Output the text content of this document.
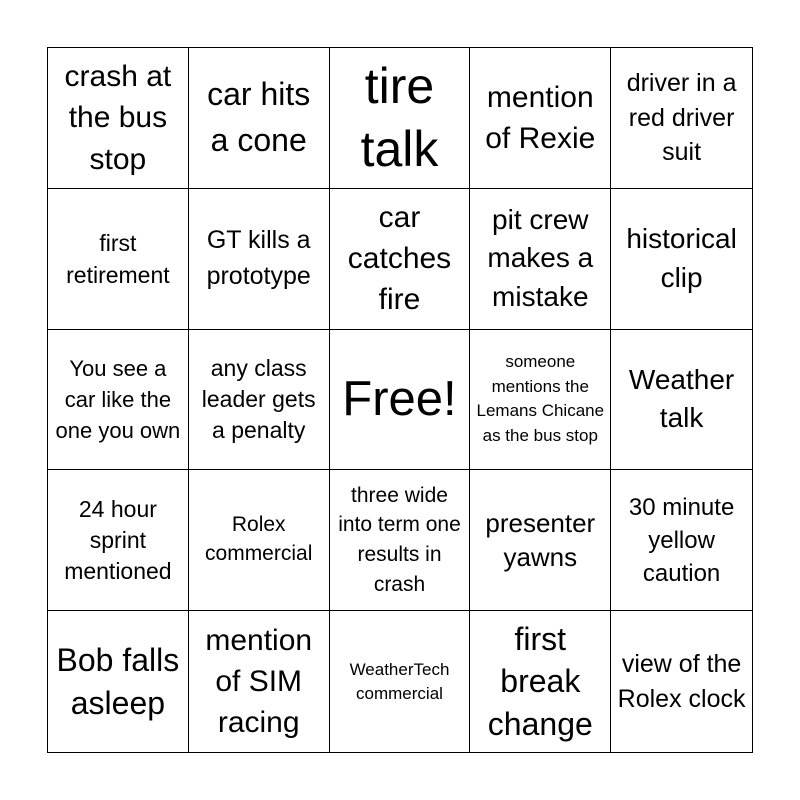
crash at the bus stop
car hits a cone
tire talk
mention of Rexie
driver in a red driver suit
first retirement
GT kills a prototype
car catches fire
pit crew makes a mistake
historical clip
You see a car like the one you own
any class leader gets a penalty
Free!
someone mentions the Lemans Chicane as the bus stop
Weather talk
24 hour sprint mentioned
Rolex commercial
three wide into term one results in crash
presenter yawns
30 minute yellow caution
Bob falls asleep
mention of SIM racing
WeatherTech commercial
first break change
view of the Rolex clock
